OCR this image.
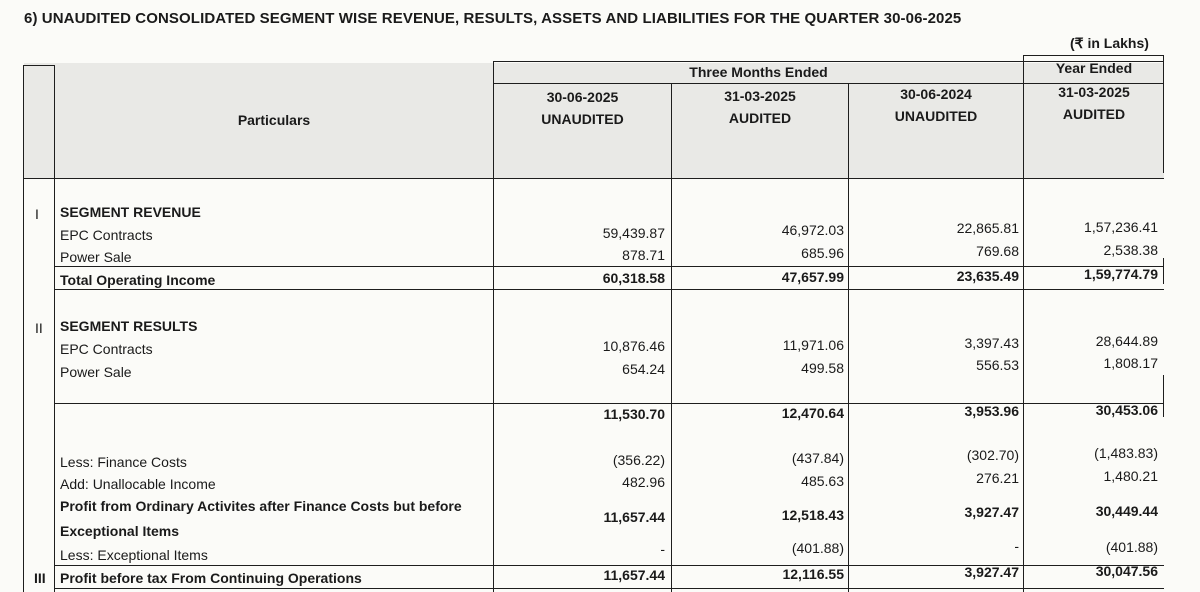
6) UNAUDITED CONSOLIDATED SEGMENT WISE REVENUE, RESULTS, ASSETS AND LIABILITIES FOR THE QUARTER 30-06-2025
(₹ in Lakhs)
Particulars
Three Months Ended	Year Ended
30-06-2025	31-03-2025	30-06-2024	31-03-2025
UNAUDITED	AUDITED	UNAUDITED	AUDITED
I SEGMENT REVENUE
EPC Contracts	59,439.87	46,972.03	22,865.81	1,57,236.41
Power Sale	878.71	685.96	769.68	2,538.38
Total Operating Income	60,318.58	47,657.99	23,635.49	1,59,774.79
II SEGMENT RESULTS
EPC Contracts	10,876.46	11,971.06	3,397.43	28,644.89
Power Sale	654.24	499.58	556.53	1,808.17
11,530.70	12,470.64	3,953.96	30,453.06
Less: Finance Costs	(356.22)	(437.84)	(302.70)	(1,483.83)
Add: Unallocable Income	482.96	485.63	276.21	1,480.21
Profit from Ordinary Activites after Finance Costs but before
Exceptional Items
11,657.44	12,518.43	3,927.47	30,449.44
Less: Exceptional Items	-	(401.88)	-	(401.88)
III Profit before tax From Continuing Operations	11,657.44	12,116.55	3,927.47	30,047.56
